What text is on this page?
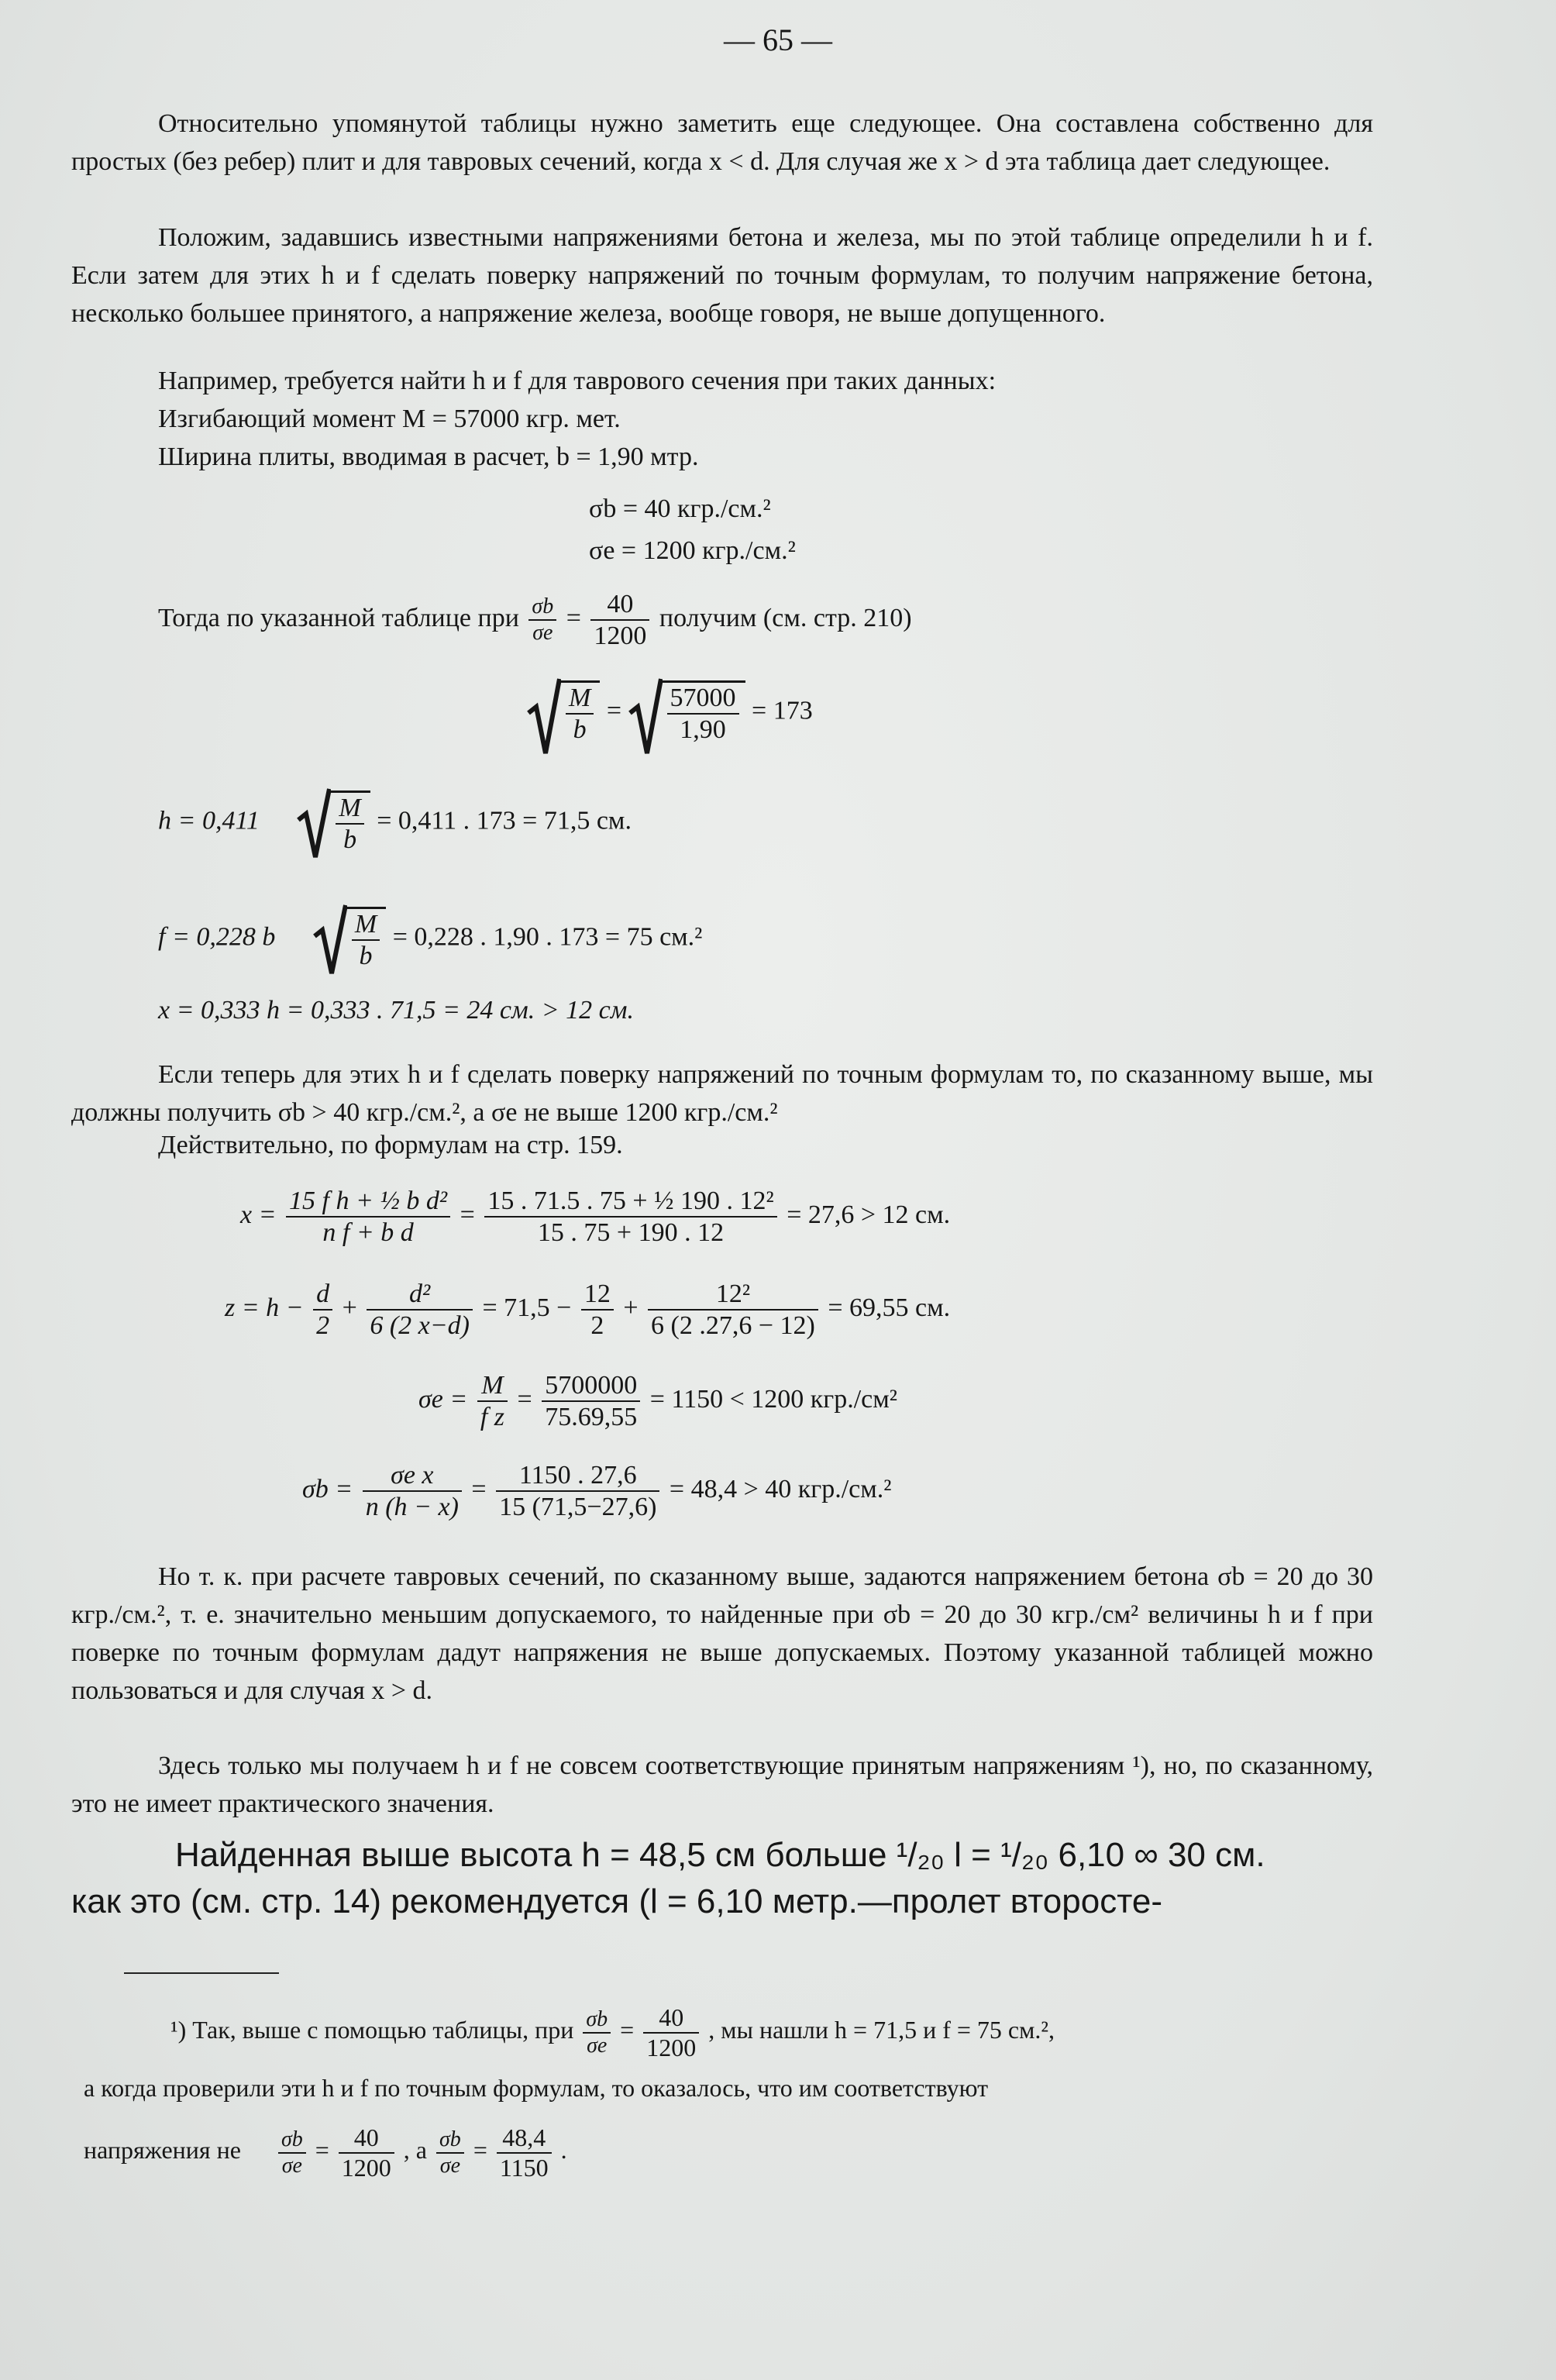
— 65 —

Относительно упомянутой таблицы нужно заметить еще следующее. Она составлена собственно для простых (без ребер) плит и для тавровых сечений, когда x < d. Для случая же x > d эта таблица дает следующее.

Положим, задавшись известными напряжениями бетона и железа, мы по этой таблице определили h и f. Если затем для этих h и f сделать поверку напряжений по точным формулам, то получим напряжение бетона, несколько большее принятого, а напряжение железа, вообще говоря, не выше допущенного.

Например, требуется найти h и f для таврового сечения при таких данных:
Изгибающий момент M = 57000 кгр. мет.
Ширина плиты, вводимая в расчет, b = 1,90 мтр.
σb = 40 кгр./см.²
σe = 1200 кгр./см.²
Тогда по указанной таблице при $\frac{\sigma b}{\sigma e} = \frac{40}{1200}$ получим (см. стр. 210)
$\frac{M}{b} = \frac{57000}{1,90} = 173$
h = 0,411	$\frac{M}{b} = 0,411$ . 173 = 71,5 см.
f = 0,228 b	$\frac{M}{b} = 0,228$ . 1,90 . 173 = 75 см.²
x = 0,333 h = 0,333 . 71,5 = 24 см. > 12 см.

Если теперь для этих h и f сделать поверку напряжений по точным формулам то, по сказанному выше, мы должны получить σb > 40 кгр./см.², а σe не выше 1200 кгр./см.²

Действительно, по формулам на стр. 159.
$x = \frac{\text{15 f h + ½ b d²}}{\text{n f + b d}} = \frac{\text{15 . 71.5 . 75 + ½ 190 . 12²}}{15 . 75 + 190 . 12} = 27,6 > 12$ см.
$z = h - \frac{d}{2} + \frac{\text{d²}}{6 (2 x-d)} = 71,5 - \frac{12}{2} + \frac{\text{12²}}{6 (2 .27,6 - 12)} = 69,55$ см.
$\sigma e = \frac{M}{\text{f z}} = \frac{5700000}{75.69,55} = 1150 < 1200$ кгр./см²
$\sigma b = \frac{\text{σe x}}{n (h - x)} = \frac{1150 . 27,6}{15 (71,5-27,6)} = 48,4 > 40$ кгр./см.²

Но т. к. при расчете тавровых сечений, по сказанному выше, задаются напряжением бетона σb = 20 до 30 кгр./см.², т. е. значительно меньшим допускаемого, то найденные при σb = 20 до 30 кгр./см² величины h и f при поверке по точным формулам дадут напряжения не выше допускаемых. Поэтому указанной таблицей можно пользоваться и для случая x > d.

Здесь только мы получаем h и f не совсем соответствующие принятым напряжениям ¹), но, по сказанному, это не имеет практического значения.

Найденная выше высота h = 48,5 см больше ¹/₂₀ l = ¹/₂₀ 6,10 ∞ 30 см.
как это (см. стр. 14) рекомендуется (l = 6,10 метр.—пролет второсте-
¹) Так, выше с помощью таблицы, при $\frac{\sigma b}{\sigma e} = \frac{40}{1200}$ , мы нашли h = 71,5 и f = 75 см.²,
а когда проверили эти h и f по точным формулам, то оказалось, что им соответствуют
напряжения не $\frac{\sigma b}{\sigma e} = \frac{40}{1200}$ , а $\frac{\sigma b}{\sigma e} = \frac{48,4}{1150}$ .
